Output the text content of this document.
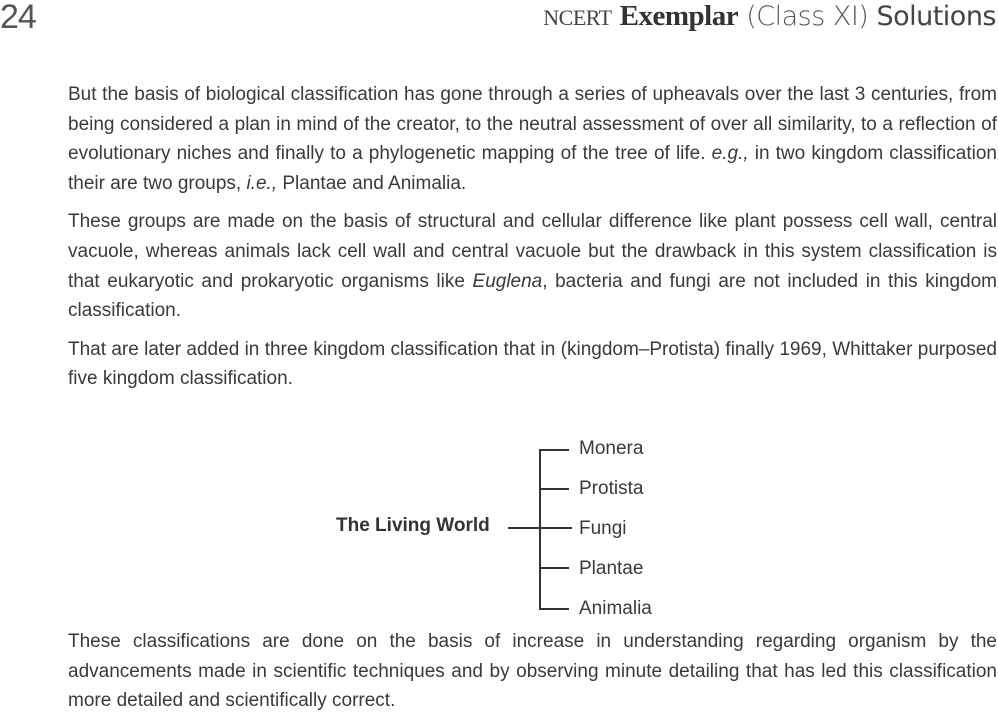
24	NCERT Exemplar (Class XI) Solutions

But the basis of biological classification has gone through a series of upheavals over the last 3 centuries, from being considered a plan in mind of the creator, to the neutral assessment of over all similarity, to a reflection of evolutionary niches and finally to a phylogenetic mapping of the tree of life. e.g., in two kingdom classification their are two groups, i.e., Plantae and Animalia.

These groups are made on the basis of structural and cellular difference like plant possess cell wall, central vacuole, whereas animals lack cell wall and central vacuole but the drawback in this system classification is that eukaryotic and prokaryotic organisms like Euglena, bacteria and fungi are not included in this kingdom classification.

That are later added in three kingdom classification that in (kingdom–Protista) finally 1969, Whittaker purposed five kingdom classification.

The Living World
Monera
Protista
Fungi
Plantae
Animalia

These classifications are done on the basis of increase in understanding regarding organism by the advancements made in scientific techniques and by observing minute detailing that has led this classification more detailed and scientifically correct.
